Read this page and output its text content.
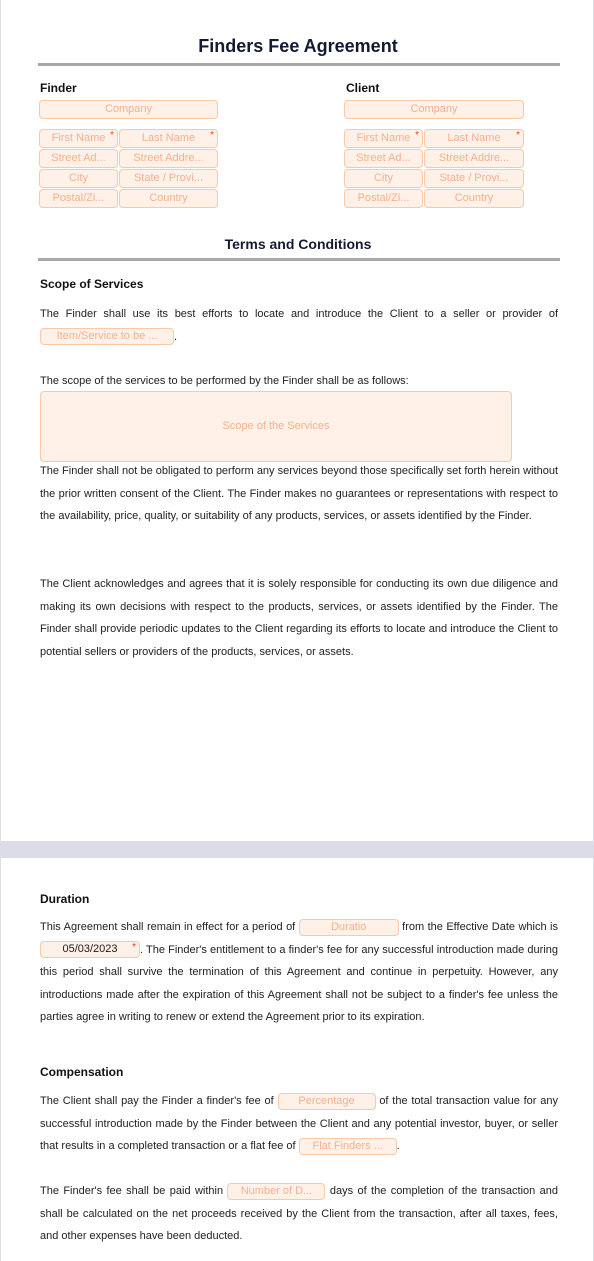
Finders Fee Agreement
Finder
Company
First Name *	Last Name *
Street Ad...	Street Addre...
City	State / Provi...
Postal/Zi...	Country
Client
Company
First Name *	Last Name *
Street Ad...	Street Addre...
City	State / Provi...
Postal/Zi...	Country
Terms and Conditions
Scope of Services
The Finder shall use its best efforts to locate and introduce the Client to a seller or provider of Item/Service to be ... .
The scope of the services to be performed by the Finder shall be as follows:
Scope of the Services
The Finder shall not be obligated to perform any services beyond those specifically set forth herein without the prior written consent of the Client. The Finder makes no guarantees or representations with respect to the availability, price, quality, or suitability of any products, services, or assets identified by the Finder.
The Client acknowledges and agrees that it is solely responsible for conducting its own due diligence and making its own decisions with respect to the products, services, or assets identified by the Finder. The Finder shall provide periodic updates to the Client regarding its efforts to locate and introduce the Client to potential sellers or providers of the products, services, or assets.
Duration
This Agreement shall remain in effect for a period of	Duratio	from the Effective Date which is 05/03/2023 * . The Finder's entitlement to a finder's fee for any successful introduction made during this period shall survive the termination of this Agreement and continue in perpetuity. However, any introductions made after the expiration of this Agreement shall not be subject to a finder's fee unless the parties agree in writing to renew or extend the Agreement prior to its expiration.
Compensation
The Client shall pay the Finder a finder's fee of Percentage of the total transaction value for any successful introduction made by the Finder between the Client and any potential investor, buyer, or seller that results in a completed transaction or a flat fee of Flat Finders ... .
The Finder's fee shall be paid within Number of D... days of the completion of the transaction and shall be calculated on the net proceeds received by the Client from the transaction, after all taxes, fees, and other expenses have been deducted.
